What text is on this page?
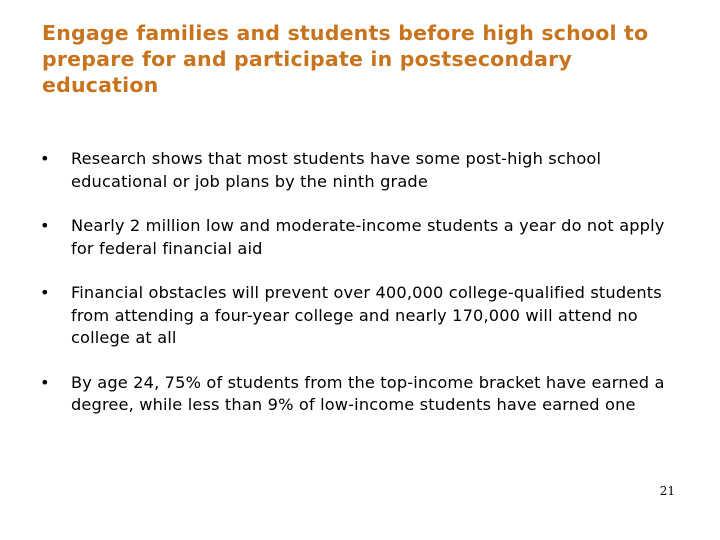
Engage families and students before high school to prepare for and participate in postsecondary education
•	Research shows that most students have some post-high school educational or job plans by the ninth grade
•	Nearly 2 million low and moderate-income students a year do not apply for federal financial aid
•	Financial obstacles will prevent over 400,000 college-qualified students from attending a four-year college and nearly 170,000 will attend no college at all
•	By age 24, 75% of students from the top-income bracket have earned a degree, while less than 9% of low-income students have earned one
21
